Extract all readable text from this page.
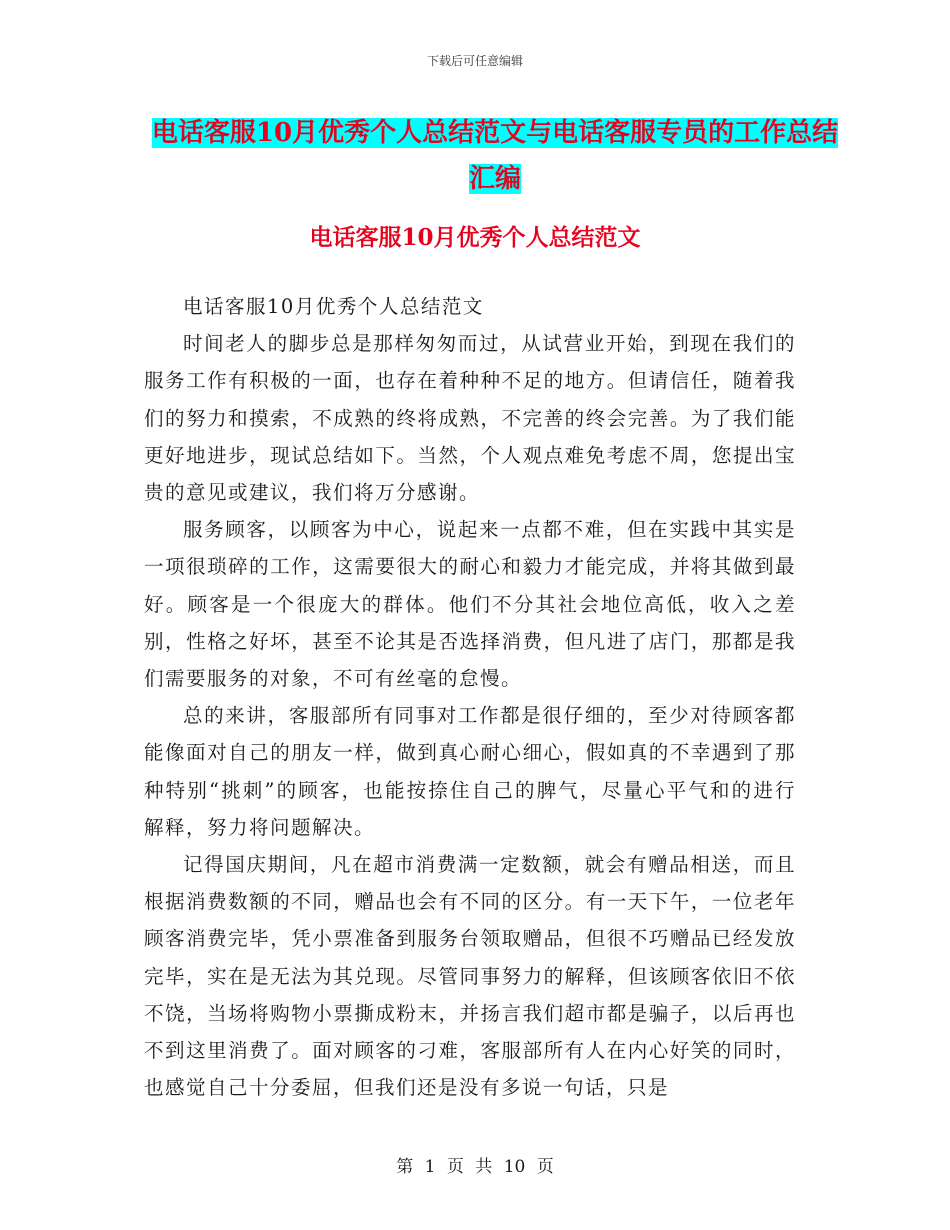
下载后可任意编辑
电话客服10月优秀个人总结范文与电话客服专员的工作总结汇编
电话客服10月优秀个人总结范文

电话客服10月优秀个人总结范文

时间老人的脚步总是那样匆匆而过，从试营业开始，到现在我们的服务工作有积极的一面，也存在着种种不足的地方。但请信任，随着我们的努力和摸索，不成熟的终将成熟，不完善的终会完善。为了我们能更好地进步，现试总结如下。当然，个人观点难免考虑不周，您提出宝贵的意见或建议，我们将万分感谢。

服务顾客，以顾客为中心，说起来一点都不难，但在实践中其实是一项很琐碎的工作，这需要很大的耐心和毅力才能完成，并将其做到最好。顾客是一个很庞大的群体。他们不分其社会地位高低，收入之差别，性格之好坏，甚至不论其是否选择消费，但凡进了店门，那都是我们需要服务的对象，不可有丝毫的怠慢。

总的来讲，客服部所有同事对工作都是很仔细的，至少对待顾客都能像面对自己的朋友一样，做到真心耐心细心，假如真的不幸遇到了那种特别“挑刺”的顾客，也能按捺住自己的脾气，尽量心平气和的进行解释，努力将问题解决。

记得国庆期间，凡在超市消费满一定数额，就会有赠品相送，而且根据消费数额的不同，赠品也会有不同的区分。有一天下午，一位老年顾客消费完毕，凭小票准备到服务台领取赠品，但很不巧赠品已经发放完毕，实在是无法为其兑现。尽管同事努力的解释，但该顾客依旧不依不饶，当场将购物小票撕成粉末，并扬言我们超市都是骗子，以后再也不到这里消费了。面对顾客的刁难，客服部所有人在内心好笑的同时，也感觉自己十分委屈，但我们还是没有多说一句话，只是

第 1 页 共 10 页
